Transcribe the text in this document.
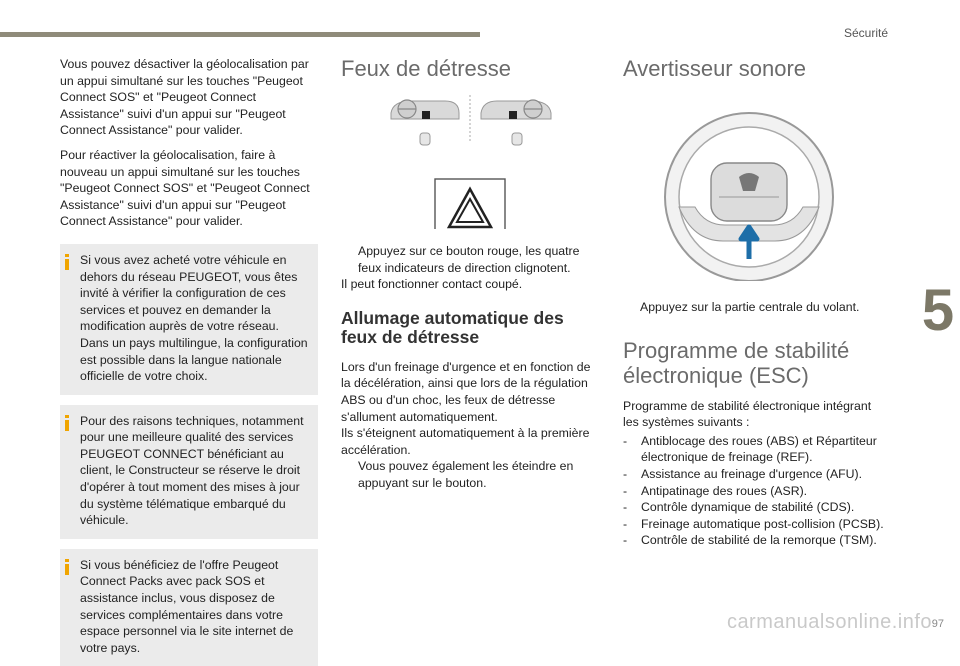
Sécurité
5

Vous pouvez désactiver la géolocalisation par un appui simultané sur les touches "Peugeot Connect SOS" et "Peugeot Connect Assistance" suivi d'un appui sur "Peugeot Connect Assistance" pour valider.

Pour réactiver la géolocalisation, faire à nouveau un appui simultané sur les touches "Peugeot Connect SOS" et "Peugeot Connect Assistance" suivi d'un appui sur "Peugeot Connect Assistance" pour valider.

Si vous avez acheté votre véhicule en dehors du réseau PEUGEOT, vous êtes invité à vérifier la configuration de ces services et pouvez en demander la modification auprès de votre réseau. Dans un pays multilingue, la configuration est possible dans la langue nationale officielle de votre choix.
Pour des raisons techniques, notamment pour une meilleure qualité des services PEUGEOT CONNECT bénéficiant au client, le Constructeur se réserve le droit d'opérer à tout moment des mises à jour du système télématique embarqué du véhicule.
Si vous bénéficiez de l'offre Peugeot Connect Packs avec pack SOS et assistance inclus, vous disposez de services complémentaires dans votre espace personnel via le site internet de votre pays.
Feux de détresse

Appuyez sur ce bouton rouge, les quatre feux indicateurs de direction clignotent.

Il peut fonctionner contact coupé.

Allumage automatique des feux de détresse

Lors d'un freinage d'urgence et en fonction de la décélération, ainsi que lors de la régulation ABS ou d'un choc, les feux de détresse s'allument automatiquement.

Ils s'éteignent automatiquement à la première accélération.

Vous pouvez également les éteindre en appuyant sur le bouton.

Avertisseur sonore

Appuyez sur la partie centrale du volant.

Programme de stabilité électronique (ESC)

Programme de stabilité électronique intégrant les systèmes suivants :

- Antiblocage des roues (ABS) et Répartiteur électronique de freinage (REF).

- Assistance au freinage d'urgence (AFU).

- Antipatinage des roues (ASR).

- Contrôle dynamique de stabilité (CDS).

- Freinage automatique post-collision (PCSB).

- Contrôle de stabilité de la remorque (TSM).

carmanualsonline.info 97
